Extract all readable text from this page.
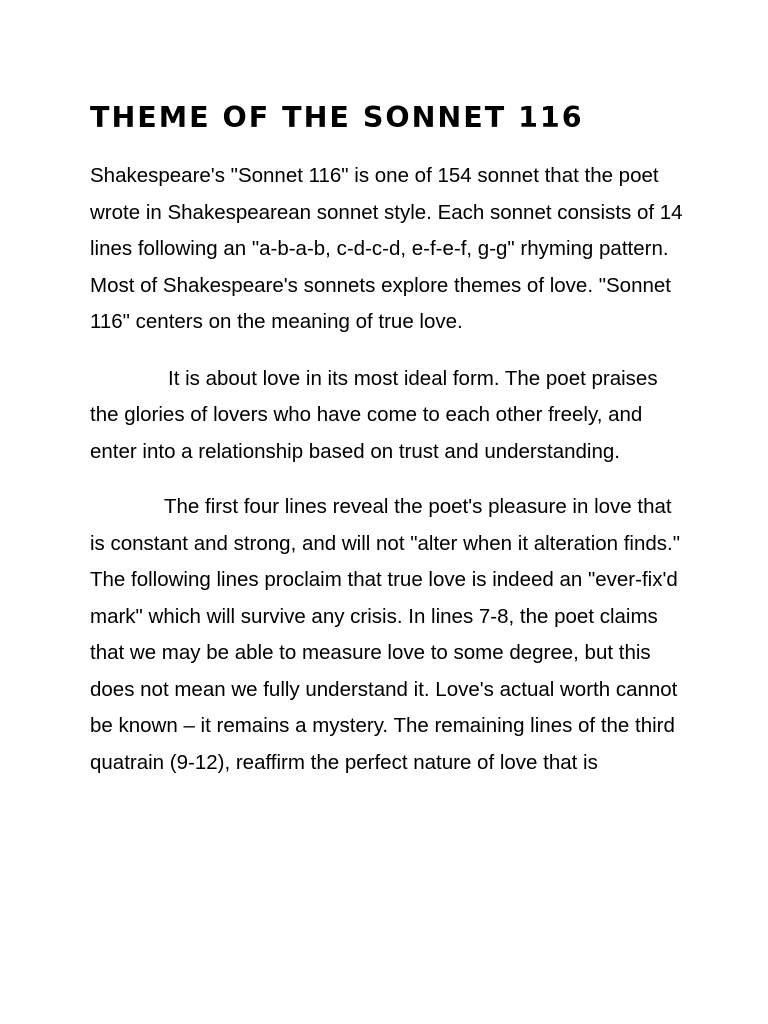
THEME OF THE SONNET 116

Shakespeare's "Sonnet 116" is one of 154 sonnet that the poet wrote in Shakespearean sonnet style. Each sonnet consists of 14 lines following an "a-b-a-b, c-d-c-d, e-f-e-f, g-g" rhyming pattern. Most of Shakespeare's sonnets explore themes of love. "Sonnet 116" centers on the meaning of true love.

It is about love in its most ideal form. The poet praises the glories of lovers who have come to each other freely, and enter into a relationship based on trust and understanding.

The first four lines reveal the poet's pleasure in love that is constant and strong, and will not "alter when it alteration finds." The following lines proclaim that true love is indeed an "ever-fix'd mark" which will survive any crisis. In lines 7-8, the poet claims that we may be able to measure love to some degree, but this does not mean we fully understand it. Love's actual worth cannot be known – it remains a mystery. The remaining lines of the third quatrain (9-12), reaffirm the perfect nature of love that is
